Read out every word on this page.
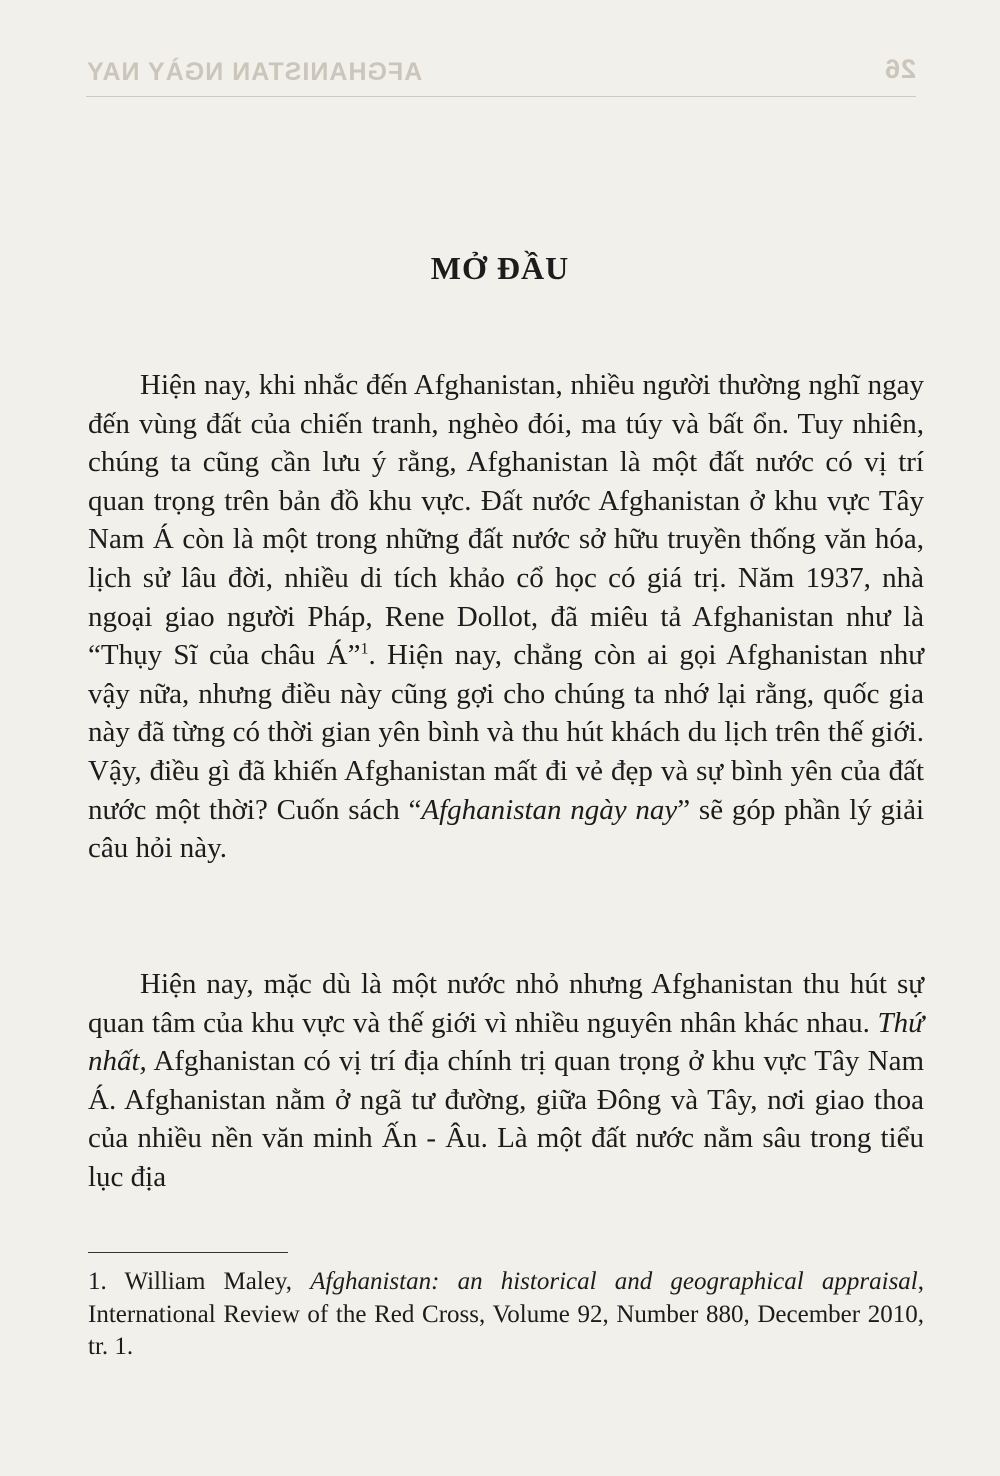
AFGHANISTAN NGÀY NAY	26
MỞ ĐẦU

Hiện nay, khi nhắc đến Afghanistan, nhiều người thường nghĩ ngay đến vùng đất của chiến tranh, nghèo đói, ma túy và bất ổn. Tuy nhiên, chúng ta cũng cần lưu ý rằng, Afghanistan là một đất nước có vị trí quan trọng trên bản đồ khu vực. Đất nước Afghanistan ở khu vực Tây Nam Á còn là một trong những đất nước sở hữu truyền thống văn hóa, lịch sử lâu đời, nhiều di tích khảo cổ học có giá trị. Năm 1937, nhà ngoại giao người Pháp, Rene Dollot, đã miêu tả Afghanistan như là “Thụy Sĩ của châu Á”$^1$. Hiện nay, chẳng còn ai gọi Afghanistan như vậy nữa, nhưng điều này cũng gợi cho chúng ta nhớ lại rằng, quốc gia này đã từng có thời gian yên bình và thu hút khách du lịch trên thế giới. Vậy, điều gì đã khiến Afghanistan mất đi vẻ đẹp và sự bình yên của đất nước một thời? Cuốn sách “Afghanistan ngày nay” sẽ góp phần lý giải câu hỏi này.

Hiện nay, mặc dù là một nước nhỏ nhưng Afghanistan thu hút sự quan tâm của khu vực và thế giới vì nhiều nguyên nhân khác nhau. Thứ nhất, Afghanistan có vị trí địa chính trị quan trọng ở khu vực Tây Nam Á. Afghanistan nằm ở ngã tư đường, giữa Đông và Tây, nơi giao thoa của nhiều nền văn minh Ấn - Âu. Là một đất nước nằm sâu trong tiểu lục địa

1. William Maley, Afghanistan: an historical and geographical appraisal, International Review of the Red Cross, Volume 92, Number 880, December 2010, tr. 1.
